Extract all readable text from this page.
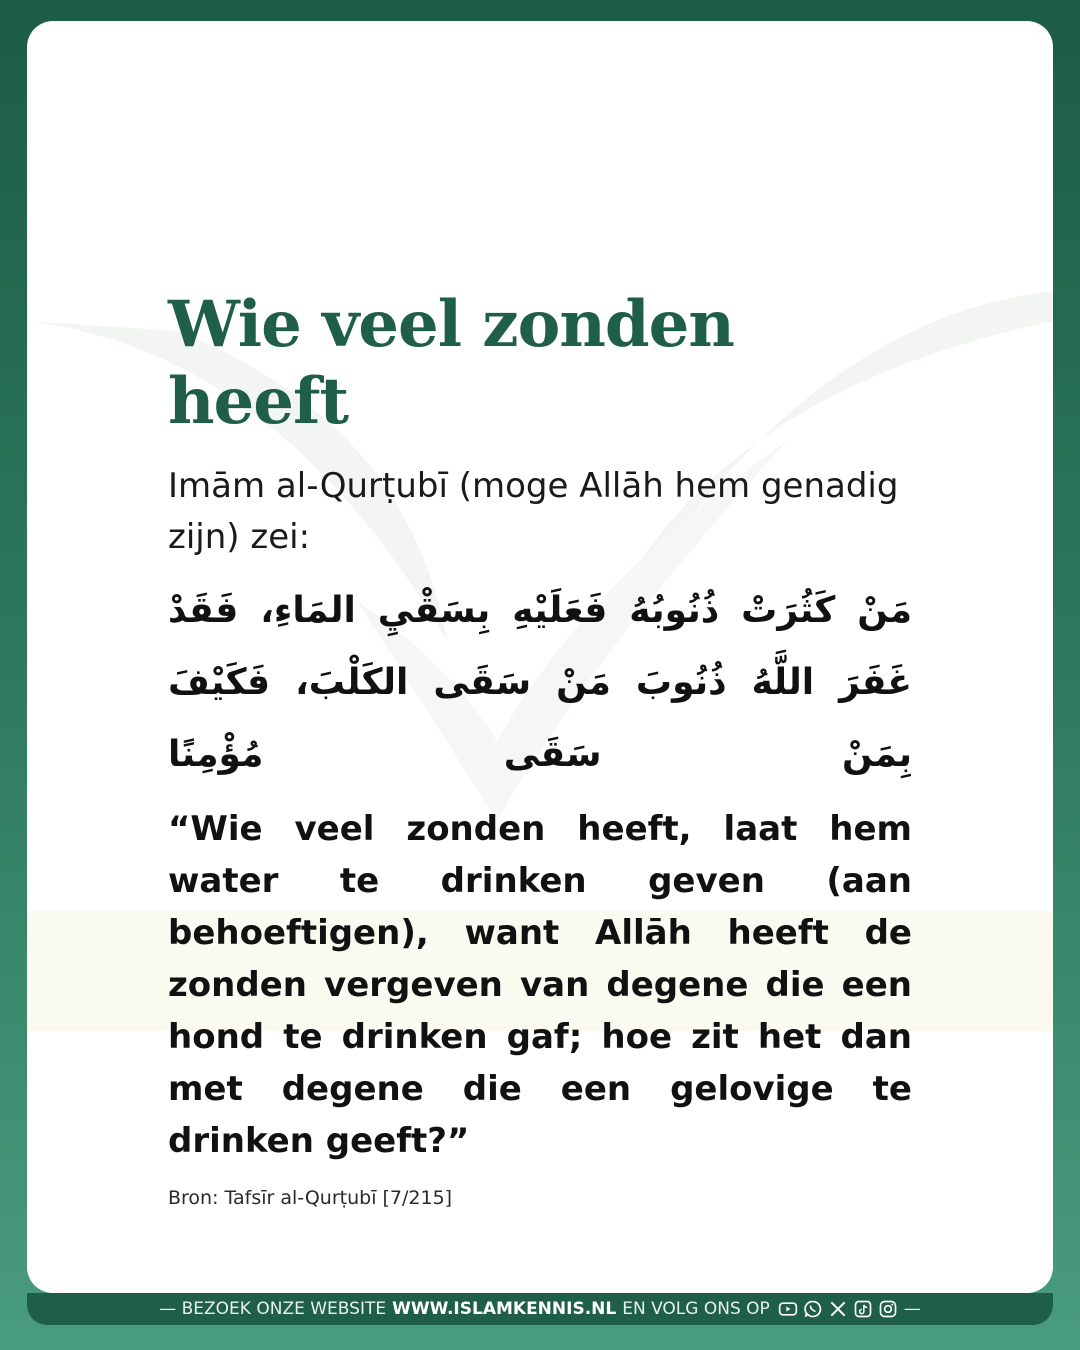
Wie veel zonden heeft

Imām al-Qurṭubī (moge Allāh hem genadig zijn) zei:

مَنْ كَثُرَتْ ذُنُوبُهُ فَعَلَيْهِ بِسَقْيِ المَاءِ، فَقَدْ غَفَرَ اللَّهُ ذُنُوبَ مَنْ سَقَى الكَلْبَ، فَكَيْفَ بِمَنْ سَقَى مُؤْمِنًا

“Wie veel zonden heeft, laat hem water te drinken geven (aan behoeftigen), want Allāh heeft de zonden vergeven van degene die een hond te drinken gaf; hoe zit het dan met degene die een gelovige te drinken geeft?”

Bron: Tafsīr al-Qurṭubī [7/215]

— BEZOEK ONZE WEBSITE WWW.ISLAMKENNIS.NL EN VOLG ONS OP	—
